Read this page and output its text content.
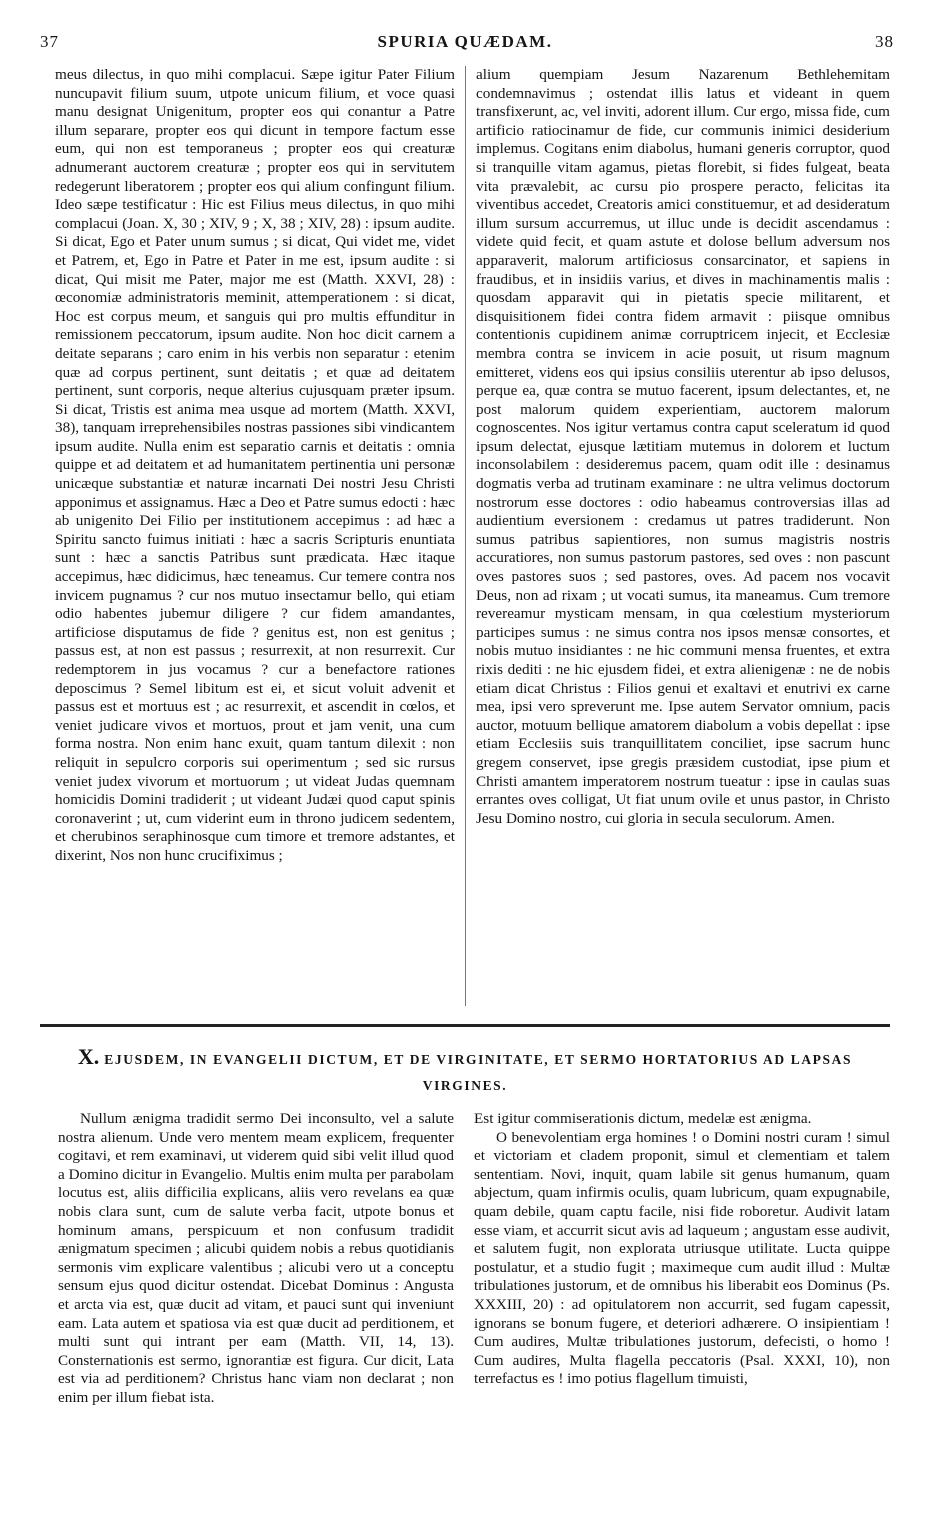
37	SPURIA QUÆDAM.	38

meus dilectus, in quo mihi complacui. Sæpe igitur Pater Filium nuncupavit filium suum, utpote unicum filium, et voce quasi manu designat Unigenitum, propter eos qui conantur a Patre illum separare, propter eos qui dicunt in tempore factum esse eum, qui non est temporaneus ; propter eos qui creaturæ adnumerant auctorem creaturæ ; propter eos qui in servitutem redegerunt liberatorem ; propter eos qui alium confingunt filium. Ideo sæpe testificatur : Hic est Filius meus dilectus, in quo mihi complacui (Joan. X, 30 ; XIV, 9 ; X, 38 ; XIV, 28) : ipsum audite. Si dicat, Ego et Pater unum sumus ; si dicat, Qui videt me, videt et Patrem, et, Ego in Patre et Pater in me est, ipsum audite : si dicat, Qui misit me Pater, major me est (Matth. XXVI, 28) : œconomiæ administratoris meminit, attemperationem : si dicat, Hoc est corpus meum, et sanguis qui pro multis effunditur in remissionem peccatorum, ipsum audite. Non hoc dicit carnem a deitate separans ; caro enim in his verbis non separatur : etenim quæ ad corpus pertinent, sunt deitatis ; et quæ ad deitatem pertinent, sunt corporis, neque alterius cujusquam præter ipsum. Si dicat, Tristis est anima mea usque ad mortem (Matth. XXVI, 38), tanquam irreprehensibiles nostras passiones sibi vindicantem ipsum audite. Nulla enim est separatio carnis et deitatis : omnia quippe et ad deitatem et ad humanitatem pertinentia uni personæ unicæque substantiæ et naturæ incarnati Dei nostri Jesu Christi apponimus et assignamus. Hæc a Deo et Patre sumus edocti : hæc ab unigenito Dei Filio per institutionem accepimus : ad hæc a Spiritu sancto fuimus initiati : hæc a sacris Scripturis enuntiata sunt : hæc a sanctis Patribus sunt prædicata. Hæc itaque accepimus, hæc didicimus, hæc teneamus. Cur temere contra nos invicem pugnamus ? cur nos mutuo insectamur bello, qui etiam odio habentes jubemur diligere ? cur fidem amandantes, artificiose disputamus de fide ? genitus est, non est genitus ; passus est, at non est passus ; resurrexit, at non resurrexit. Cur redemptorem in jus vocamus ? cur a benefactore rationes deposcimus ? Semel libitum est ei, et sicut voluit advenit et passus est et mortuus est ; ac resurrexit, et ascendit in cœlos, et veniet judicare vivos et mortuos, prout et jam venit, una cum forma nostra. Non enim hanc exuit, quam tantum dilexit : non reliquit in sepulcro corporis sui operimentum ; sed sic rursus veniet judex vivorum et mortuorum ; ut videat Judas quemnam homicidis Domini tradiderit ; ut videant Judæi quod caput spinis coronaverint ; ut, cum viderint eum in throno judicem sedentem, et cherubinos seraphinosque cum timore et tremore adstantes, et dixerint, Nos non hunc crucifiximus ;

alium quempiam Jesum Nazarenum Bethlehemitam condemnavimus ; ostendat illis latus et videant in quem transfixerunt, ac, vel inviti, adorent illum. Cur ergo, missa fide, cum artificio ratiocinamur de fide, cur communis inimici desiderium implemus. Cogitans enim diabolus, humani generis corruptor, quod si tranquille vitam agamus, pietas florebit, si fides fulgeat, beata vita prævalebit, ac cursu pio prospere peracto, felicitas ita viventibus accedet, Creatoris amici constituemur, et ad desideratum illum sursum accurremus, ut illuc unde is decidit ascendamus : videte quid fecit, et quam astute et dolose bellum adversum nos apparaverit, malorum artificiosus consarcinator, et sapiens in fraudibus, et in insidiis varius, et dives in machinamentis malis : quosdam apparavit qui in pietatis specie militarent, et disquisitionem fidei contra fidem armavit : piisque omnibus contentionis cupidinem animæ corruptricem injecit, et Ecclesiæ membra contra se invicem in acie posuit, ut risum magnum emitteret, videns eos qui ipsius consiliis uterentur ab ipso delusos, perque ea, quæ contra se mutuo facerent, ipsum delectantes, et, ne post malorum quidem experientiam, auctorem malorum cognoscentes. Nos igitur vertamus contra caput sceleratum id quod ipsum delectat, ejusque lætitiam mutemus in dolorem et luctum inconsolabilem : desideremus pacem, quam odit ille : desinamus dogmatis verba ad trutinam examinare : ne ultra velimus doctorum nostrorum esse doctores : odio habeamus controversias illas ad audientium eversionem : credamus ut patres tradiderunt. Non sumus patribus sapientiores, non sumus magistris nostris accuratiores, non sumus pastorum pastores, sed oves : non pascunt oves pastores suos ; sed pastores, oves. Ad pacem nos vocavit Deus, non ad rixam ; ut vocati sumus, ita maneamus. Cum tremore revereamur mysticam mensam, in qua cœlestium mysteriorum participes sumus : ne simus contra nos ipsos mensæ consortes, et nobis mutuo insidiantes : ne hic communi mensa fruentes, et extra rixis dediti : ne hic ejusdem fidei, et extra alienigenæ : ne de nobis etiam dicat Christus : Filios genui et exaltavi et enutrivi ex carne mea, ipsi vero spreverunt me. Ipse autem Servator omnium, pacis auctor, motuum bellique amatorem diabolum a vobis depellat : ipse etiam Ecclesiis suis tranquillitatem conciliet, ipse sacrum hunc gregem conservet, ipse gregis præsidem custodiat, ipse pium et Christi amantem imperatorem nostrum tueatur : ipse in caulas suas errantes oves colligat, Ut fiat unum ovile et unus pastor, in Christo Jesu Domino nostro, cui gloria in secula seculorum. Amen.

X. EJUSDEM, IN EVANGELII DICTUM, ET DE VIRGINITATE, ET SERMO HORTATORIUS AD LAPSAS
VIRGINES.

Nullum ænigma tradidit sermo Dei inconsulto, vel a salute nostra alienum. Unde vero mentem meam explicem, frequenter cogitavi, et rem examinavi, ut viderem quid sibi velit illud quod a Domino dicitur in Evangelio. Multis enim multa per parabolam locutus est, aliis difficilia explicans, aliis vero revelans ea quæ nobis clara sunt, cum de salute verba facit, utpote bonus et hominum amans, perspicuum et non confusum tradidit ænigmatum specimen ; alicubi quidem nobis a rebus quotidianis sermonis vim explicare valentibus ; alicubi vero ut a conceptu sensum ejus quod dicitur ostendat. Dicebat Dominus : Angusta et arcta via est, quæ ducit ad vitam, et pauci sunt qui inveniunt eam. Lata autem et spatiosa via est quæ ducit ad perditionem, et multi sunt qui intrant per eam (Matth. VII, 14, 13). Consternationis est sermo, ignorantiæ est figura. Cur dicit, Lata est via ad perditionem? Christus hanc viam non declarat ; non enim per illum fiebat ista.

Est igitur commiserationis dictum, medelæ est ænigma.

O benevolentiam erga homines ! o Domini nostri curam ! simul et victoriam et cladem proponit, simul et clementiam et talem sententiam. Novi, inquit, quam labile sit genus humanum, quam abjectum, quam infirmis oculis, quam lubricum, quam expugnabile, quam debile, quam captu facile, nisi fide roboretur. Audivit latam esse viam, et accurrit sicut avis ad laqueum ; angustam esse audivit, et salutem fugit, non explorata utriusque utilitate. Lucta quippe postulatur, et a studio fugit ; maximeque cum audit illud : Multæ tribulationes justorum, et de omnibus his liberabit eos Dominus (Ps. XXXIII, 20) : ad opitulatorem non accurrit, sed fugam capessit, ignorans se bonum fugere, et deteriori adhærere. O insipientiam ! Cum audires, Multæ tribulationes justorum, defecisti, o homo ! Cum audires, Multa flagella peccatoris (Psal. XXXI, 10), non terrefactus es ! imo potius flagellum timuisti,
